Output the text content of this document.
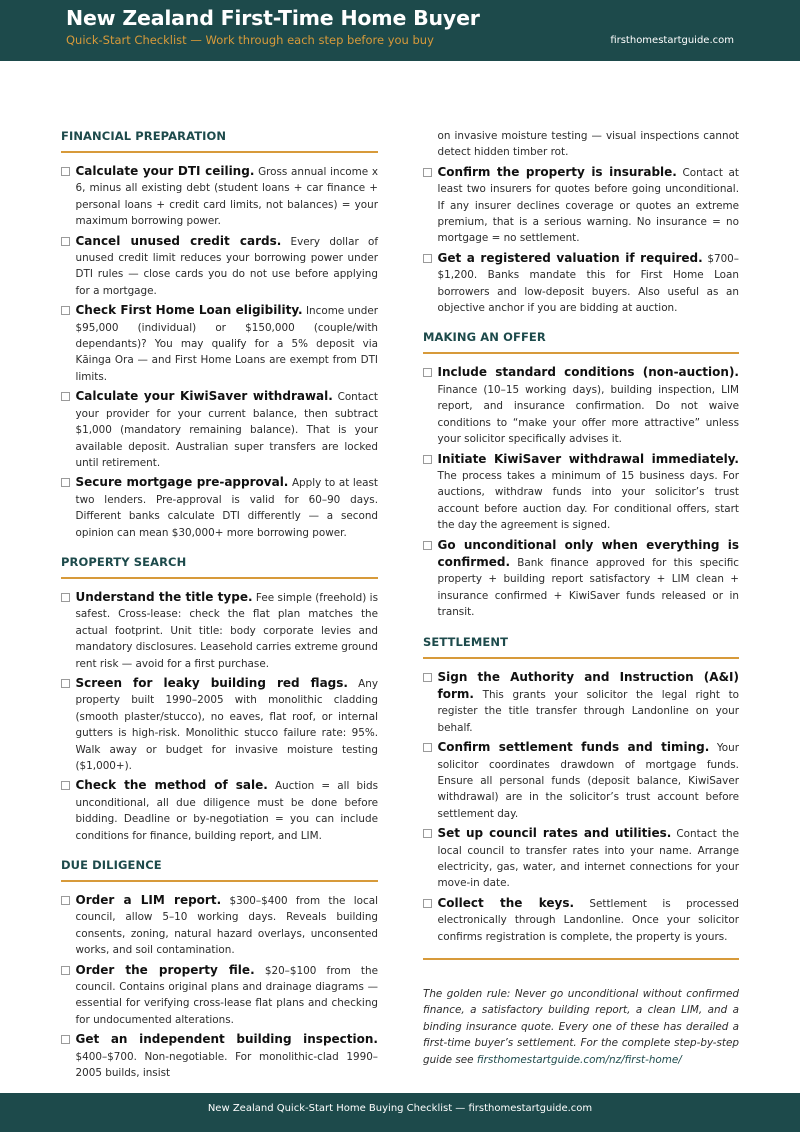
New Zealand First-Time Home Buyer
Quick-Start Checklist — Work through each step before you buy	firsthomestartguide.com
FINANCIAL PREPARATION
Calculate your DTI ceiling. Gross annual income x 6, minus all existing debt (student loans + car finance + personal loans + credit card limits, not balances) = your maximum borrowing power.
Cancel unused credit cards. Every dollar of unused credit limit reduces your borrowing power under DTI rules — close cards you do not use before applying for a mortgage.
Check First Home Loan eligibility. Income under $95,000 (individual) or $150,000 (couple/with dependants)? You may qualify for a 5% deposit via Kāinga Ora — and First Home Loans are exempt from DTI limits.
Calculate your KiwiSaver withdrawal. Contact your provider for your current balance, then subtract $1,000 (mandatory remaining balance). That is your available deposit. Australian super transfers are locked until retirement.
Secure mortgage pre-approval. Apply to at least two lenders. Pre-approval is valid for 60–90 days. Different banks calculate DTI differently — a second opinion can mean $30,000+ more borrowing power.
PROPERTY SEARCH
Understand the title type. Fee simple (freehold) is safest. Cross-lease: check the flat plan matches the actual footprint. Unit title: body corporate levies and mandatory disclosures. Leasehold carries extreme ground rent risk — avoid for a first purchase.
Screen for leaky building red flags. Any property built 1990–2005 with monolithic cladding (smooth plaster/stucco), no eaves, flat roof, or internal gutters is high-risk. Monolithic stucco failure rate: 95%. Walk away or budget for invasive moisture testing ($1,000+).
Check the method of sale. Auction = all bids unconditional, all due diligence must be done before bidding. Deadline or by-negotiation = you can include conditions for finance, building report, and LIM.
DUE DILIGENCE
Order a LIM report. $300–$400 from the local council, allow 5–10 working days. Reveals building consents, zoning, natural hazard overlays, unconsented works, and soil contamination.
Order the property file. $20–$100 from the council. Contains original plans and drainage diagrams — essential for verifying cross-lease flat plans and checking for undocumented alterations.
Get an independent building inspection. $400–$700. Non-negotiable. For monolithic-clad 1990–2005 builds, insist
on invasive moisture testing — visual inspections cannot detect hidden timber rot.
Confirm the property is insurable. Contact at least two insurers for quotes before going unconditional. If any insurer declines coverage or quotes an extreme premium, that is a serious warning. No insurance = no mortgage = no settlement.
Get a registered valuation if required. $700–$1,200. Banks mandate this for First Home Loan borrowers and low-deposit buyers. Also useful as an objective anchor if you are bidding at auction.
MAKING AN OFFER
Include standard conditions (non-auction). Finance (10–15 working days), building inspection, LIM report, and insurance confirmation. Do not waive conditions to “make your offer more attractive” unless your solicitor specifically advises it.
Initiate KiwiSaver withdrawal immediately. The process takes a minimum of 15 business days. For auctions, withdraw funds into your solicitor’s trust account before auction day. For conditional offers, start the day the agreement is signed.
Go unconditional only when everything is confirmed. Bank finance approved for this specific property + building report satisfactory + LIM clean + insurance confirmed + KiwiSaver funds released or in transit.
SETTLEMENT
Sign the Authority and Instruction (A&I) form. This grants your solicitor the legal right to register the title transfer through Landonline on your behalf.
Confirm settlement funds and timing. Your solicitor coordinates drawdown of mortgage funds. Ensure all personal funds (deposit balance, KiwiSaver withdrawal) are in the solicitor’s trust account before settlement day.
Set up council rates and utilities. Contact the local council to transfer rates into your name. Arrange electricity, gas, water, and internet connections for your move-in date.
Collect the keys. Settlement is processed electronically through Landonline. Once your solicitor confirms registration is complete, the property is yours.
The golden rule: Never go unconditional without confirmed finance, a satisfactory building report, a clean LIM, and a binding insurance quote. Every one of these has derailed a first-time buyer’s settlement. For the complete step-by-step guide see firsthomestartguide.com/nz/first-home/
New Zealand Quick-Start Home Buying Checklist — firsthomestartguide.com
